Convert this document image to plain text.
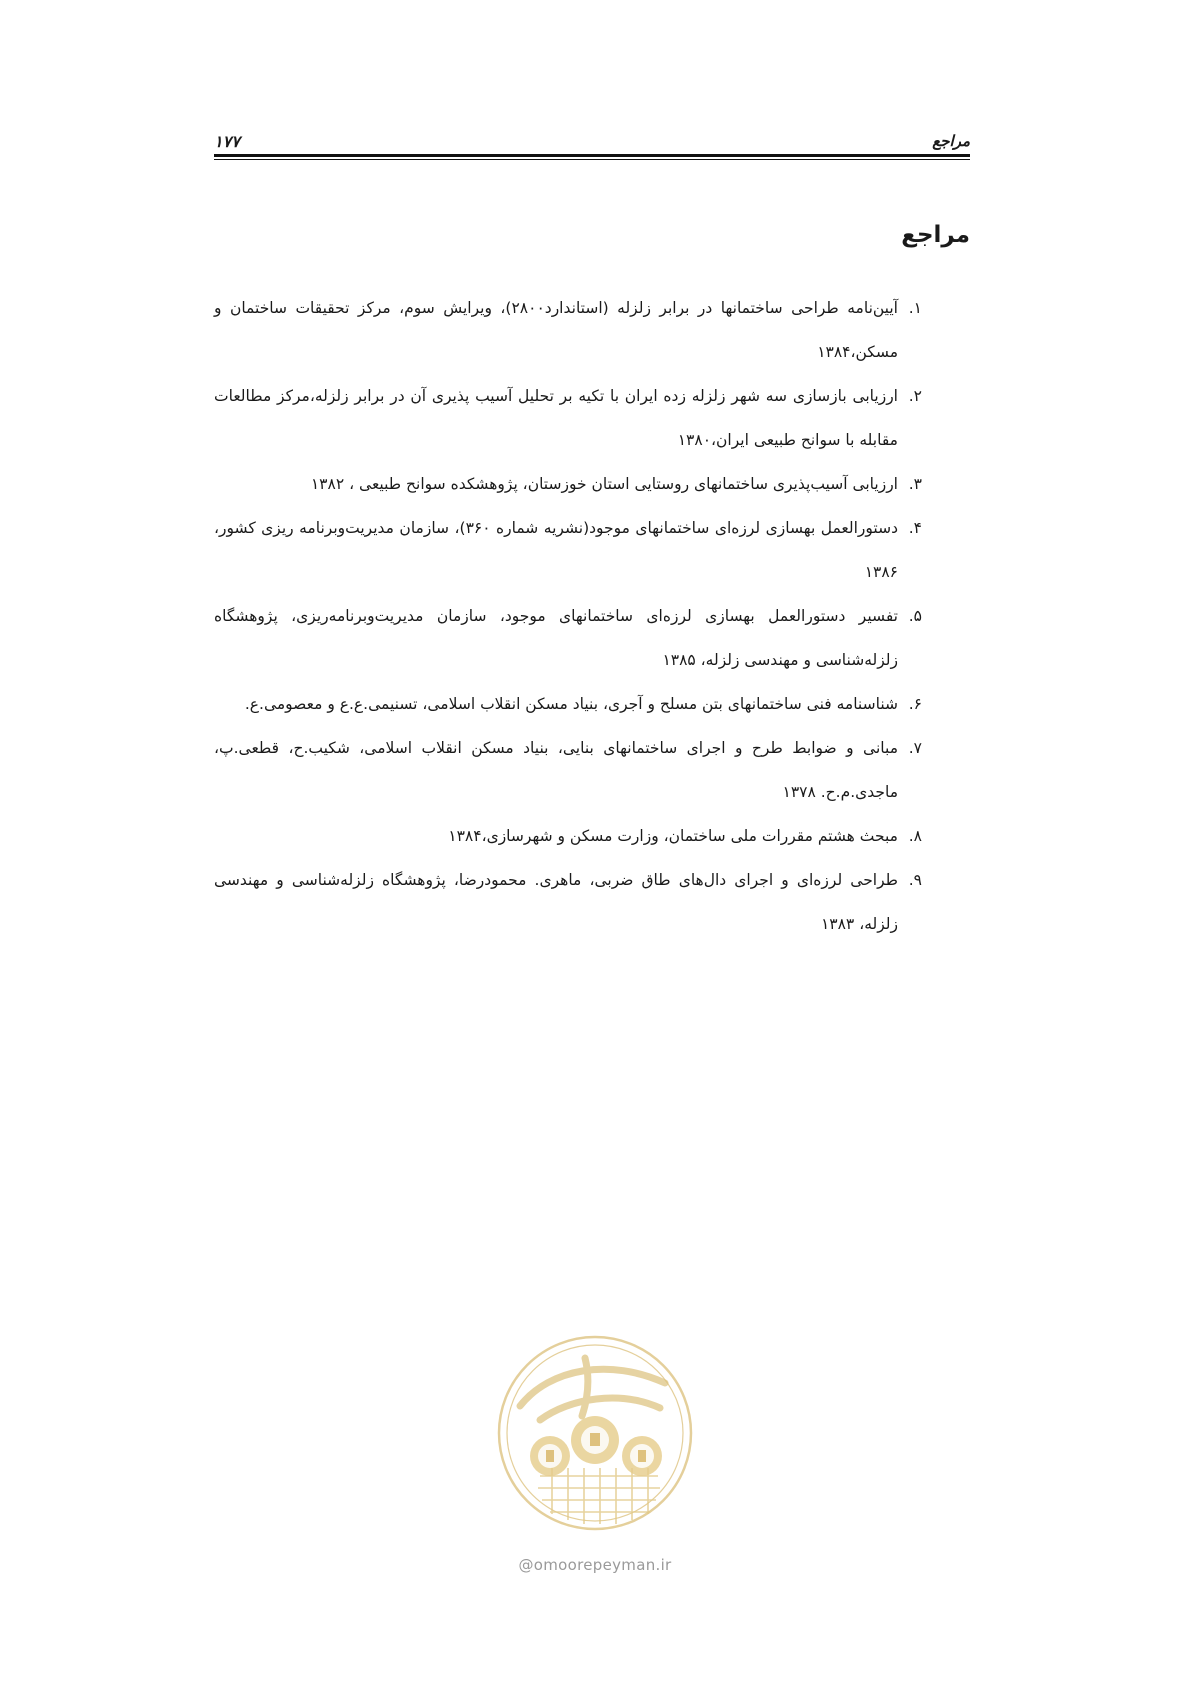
مراجع
۱۷۷
مراجع
۱.
آیین‌نامه طراحی ساختمانها در برابر زلزله (استاندارد۲۸۰۰)، ویرایش سوم، مرکز تحقیقات ساختمان و مسکن،۱۳۸۴
۲.
ارزیابی بازسازی سه شهر زلزله زده ایران با تکیه بر تحلیل آسیب پذیری آن در برابر زلزله،مرکز مطالعات مقابله با سوانح طبیعی ایران،۱۳۸۰
۳.
ارزیابی آسیب‌پذیری ساختمانهای روستایی استان خوزستان، پژوهشکده سوانح طبیعی ، ۱۳۸۲
۴.
دستورالعمل بهسازی لرزه‌ای ساختمانهای موجود(نشریه شماره ۳۶۰)، سازمان مدیریت‌وبرنامه ریزی کشور، ۱۳۸۶
۵.
تفسیر دستورالعمل بهسازی لرزه‌ای ساختمانهای موجود، سازمان مدیریت‌وبرنامه‌ریزی، پژوهشگاه زلزله‌شناسی و مهندسی زلزله، ۱۳۸۵
۶.
شناسنامه فنی ساختمانهای بتن مسلح و آجری، بنیاد مسکن انقلاب اسلامی، تسنیمی.ع.ع و معصومی.ع.
۷.
مبانی و ضوابط طرح و اجرای ساختمانهای بنایی، بنیاد مسکن انقلاب اسلامی، شکیب.ح، قطعی.پ، ماجدی.م.ح. ۱۳۷۸
۸.
مبحث هشتم مقررات ملی ساختمان، وزارت مسکن و شهرسازی،۱۳۸۴
۹.
طراحی لرزه‌ای و اجرای دال‌های طاق ضربی، ماهری. محمودرضا، پژوهشگاه زلزله‌شناسی و مهندسی زلزله، ۱۳۸۳
@omoorepeyman.ir
